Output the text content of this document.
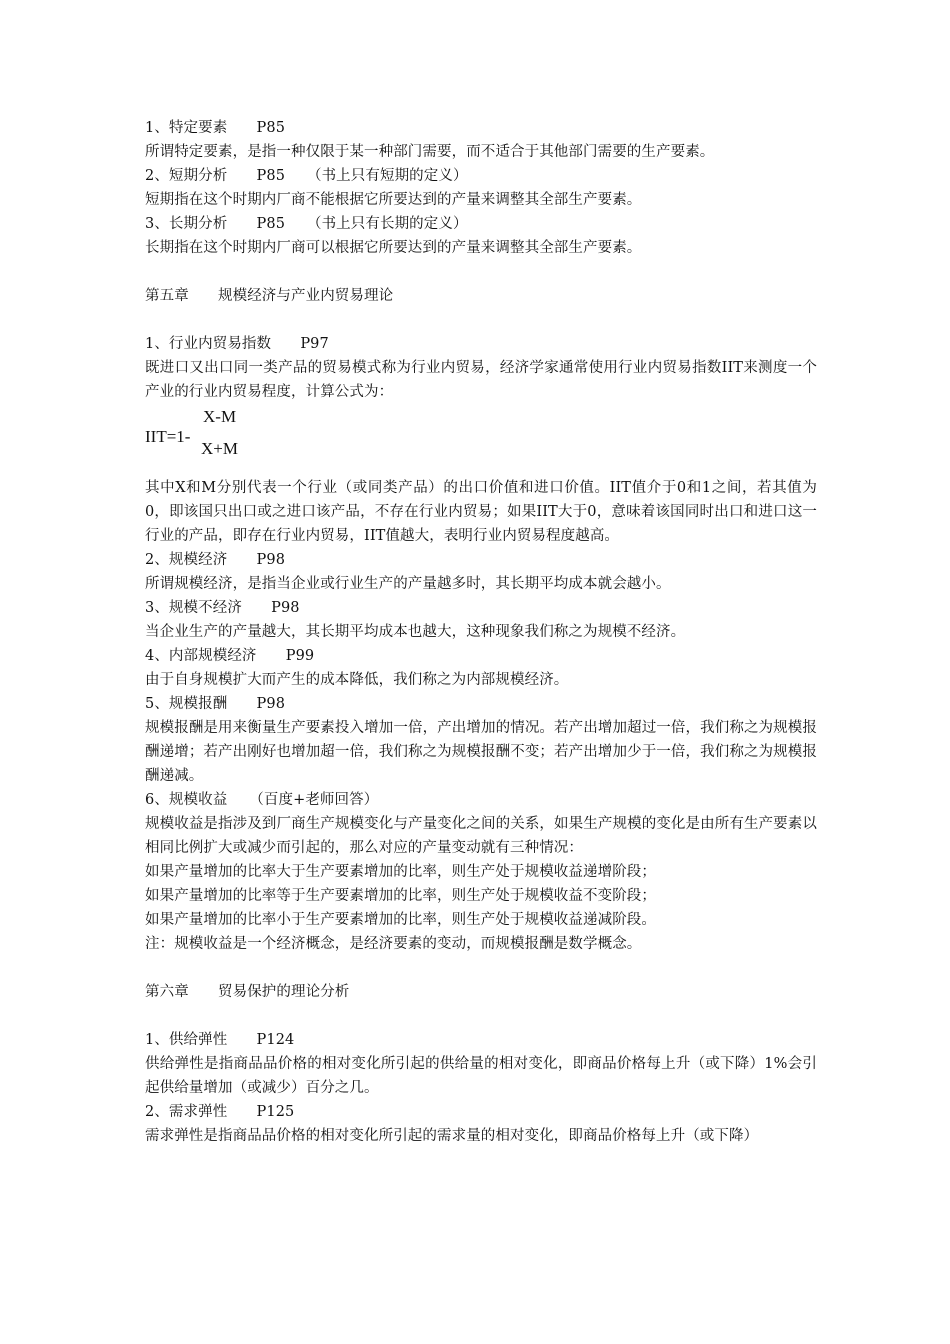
1、特定要素　　P85
所谓特定要素，是指一种仅限于某一种部门需要，而不适合于其他部门需要的生产要素。
2、短期分析　　P85　　（书上只有短期的定义）
短期指在这个时期内厂商不能根据它所要达到的产量来调整其全部生产要素。
3、长期分析　　P85　　（书上只有长期的定义）
长期指在这个时期内厂商可以根据它所要达到的产量来调整其全部生产要素。
第五章　　规模经济与产业内贸易理论
1、行业内贸易指数　　P97
既进口又出口同一类产品的贸易模式称为行业内贸易，经济学家通常使用行业内贸易指数IIT来测度一个产业的行业内贸易程度，计算公式为：
IIT=1-
X-M
X+M
其中X和M分别代表一个行业（或同类产品）的出口价值和进口价值。IIT值介于0和1之间，若其值为0，即该国只出口或之进口该产品，不存在行业内贸易；如果IIT大于0，意味着该国同时出口和进口这一行业的产品，即存在行业内贸易，IIT值越大，表明行业内贸易程度越高。
2、规模经济　　P98
所谓规模经济，是指当企业或行业生产的产量越多时，其长期平均成本就会越小。
3、规模不经济　　P98
当企业生产的产量越大，其长期平均成本也越大，这种现象我们称之为规模不经济。
4、内部规模经济　　P99
由于自身规模扩大而产生的成本降低，我们称之为内部规模经济。
5、规模报酬　　P98
规模报酬是用来衡量生产要素投入增加一倍，产出增加的情况。若产出增加超过一倍，我们称之为规模报酬递增；若产出刚好也增加超一倍，我们称之为规模报酬不变；若产出增加少于一倍，我们称之为规模报酬递减。
6、规模收益　　（百度+老师回答）
规模收益是指涉及到厂商生产规模变化与产量变化之间的关系，如果生产规模的变化是由所有生产要素以相同比例扩大或减少而引起的，那么对应的产量变动就有三种情况：
如果产量增加的比率大于生产要素增加的比率，则生产处于规模收益递增阶段；
如果产量增加的比率等于生产要素增加的比率，则生产处于规模收益不变阶段；
如果产量增加的比率小于生产要素增加的比率，则生产处于规模收益递减阶段。
注：规模收益是一个经济概念，是经济要素的变动，而规模报酬是数学概念。
第六章　　贸易保护的理论分析
1、供给弹性　　P124
供给弹性是指商品品价格的相对变化所引起的供给量的相对变化，即商品价格每上升（或下降）1%会引起供给量增加（或减少）百分之几。
2、需求弹性　　P125
需求弹性是指商品品价格的相对变化所引起的需求量的相对变化，即商品价格每上升（或下降）
